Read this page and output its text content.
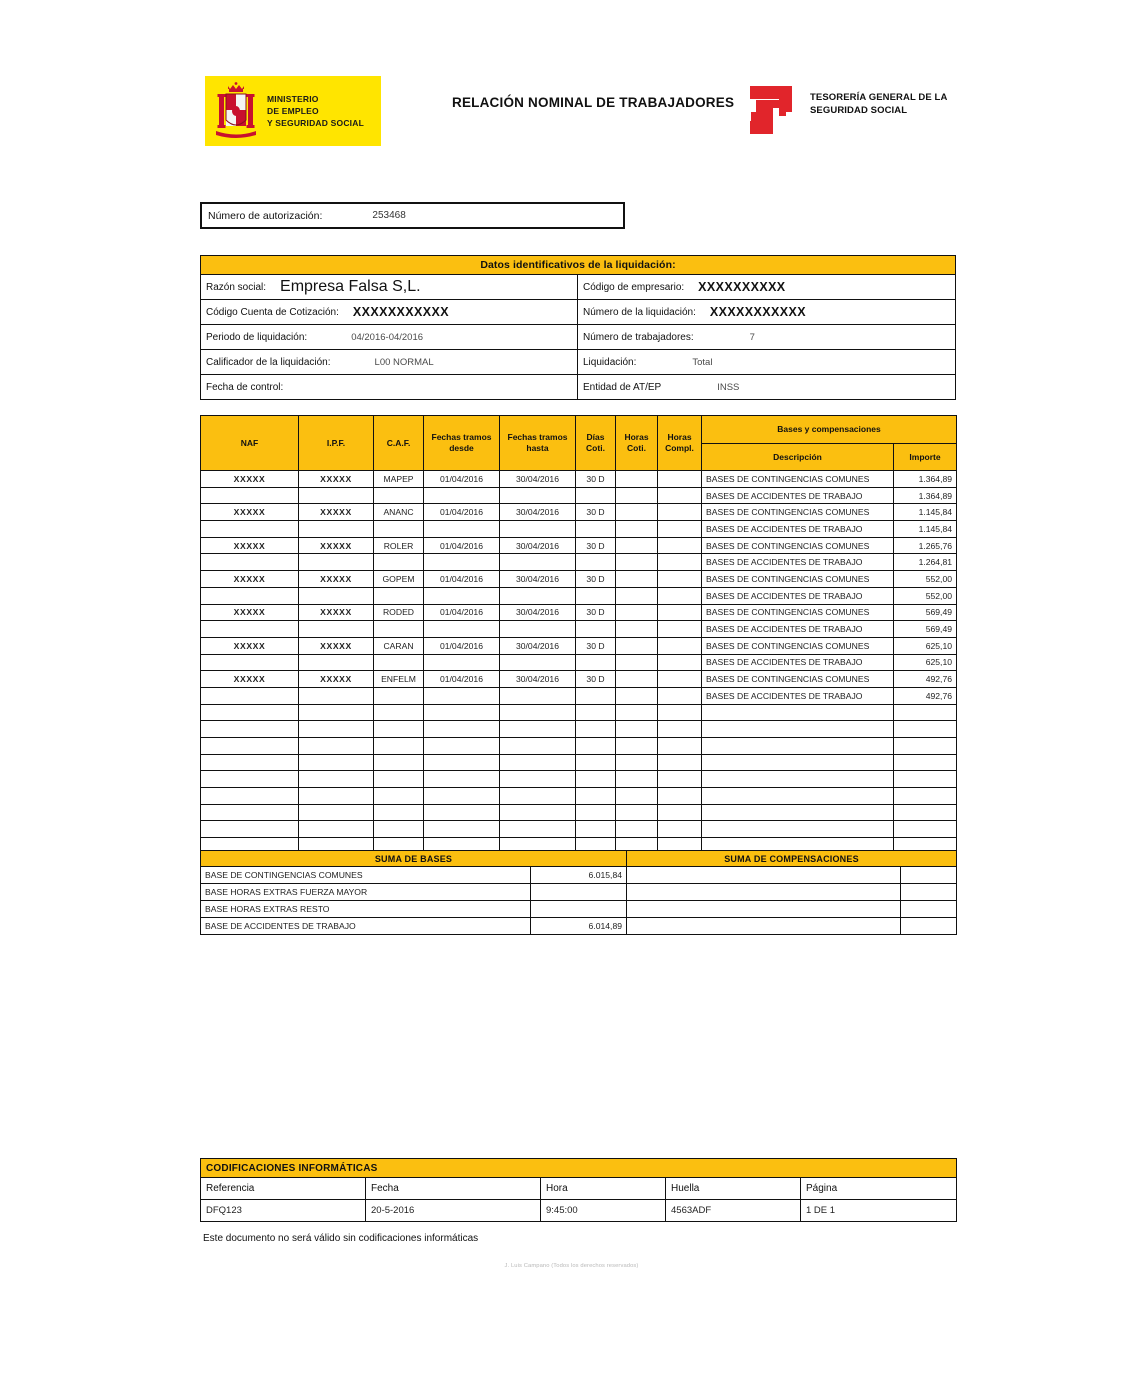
MINISTERIO
DE EMPLEO
Y SEGURIDAD SOCIAL
RELACIÓN NOMINAL DE TRABAJADORES	TESORERÍA GENERAL DE LA
SEGURIDAD SOCIAL
Número de autorización:	253468
Datos identificativos de la liquidación:
Razón social: Empresa Falsa S,L.	Código de empresario:	XXXXXXXXXX
Código Cuenta de Cotización:	XXXXXXXXXXX	Número de la liquidación:	XXXXXXXXXXX
Periodo de liquidación:	04/2016-04/2016	Número de trabajadores:	7
Calificador de la liquidación:	L00 NORMAL	Liquidación:	Total
Fecha de control:	Entidad de AT/EP	INSS
NAF	I.P.F.	C.A.F.	Fechas tramos desde	Fechas tramos hasta	Días Coti.	Horas Coti.	Horas Compl.	Bases y compensaciones	
								Descripción	Importe
XXXXX	XXXXX	MAPEP	01/04/2016	30/04/2016	30 D			BASES DE CONTINGENCIAS COMUNES	1.364,89
								BASES DE ACCIDENTES DE TRABAJO	1.364,89
XXXXX	XXXXX	ANANC	01/04/2016	30/04/2016	30 D			BASES DE CONTINGENCIAS COMUNES	1.145,84
								BASES DE ACCIDENTES DE TRABAJO	1.145,84
XXXXX	XXXXX	ROLER	01/04/2016	30/04/2016	30 D			BASES DE CONTINGENCIAS COMUNES	1.265,76
								BASES DE ACCIDENTES DE TRABAJO	1.264,81
XXXXX	XXXXX	GOPEM	01/04/2016	30/04/2016	30 D			BASES DE CONTINGENCIAS COMUNES	552,00
								BASES DE ACCIDENTES DE TRABAJO	552,00
XXXXX	XXXXX	RODED	01/04/2016	30/04/2016	30 D			BASES DE CONTINGENCIAS COMUNES	569,49
								BASES DE ACCIDENTES DE TRABAJO	569,49
XXXXX	XXXXX	CARAN	01/04/2016	30/04/2016	30 D			BASES DE CONTINGENCIAS COMUNES	625,10
								BASES DE ACCIDENTES DE TRABAJO	625,10
XXXXX	XXXXX	ENFELM	01/04/2016	30/04/2016	30 D			BASES DE CONTINGENCIAS COMUNES	492,76
								BASES DE ACCIDENTES DE TRABAJO	492,76

SUMA DE BASES		SUMA DE COMPENSACIONES	
BASE DE CONTINGENCIAS COMUNES	6.015,84		
BASE HORAS EXTRAS FUERZA MAYOR			
BASE HORAS EXTRAS RESTO			
BASE DE ACCIDENTES DE TRABAJO	6.014,89		
CODIFICACIONES INFORMÁTICAS				
Referencia	Fecha	Hora	Huella	Página
DFQ123	20-5-2016	9:45:00	4563ADF	1 DE 1
Este documento no será válido sin codificaciones informáticas
J. Luis Campano (Todos los derechos reservados)
